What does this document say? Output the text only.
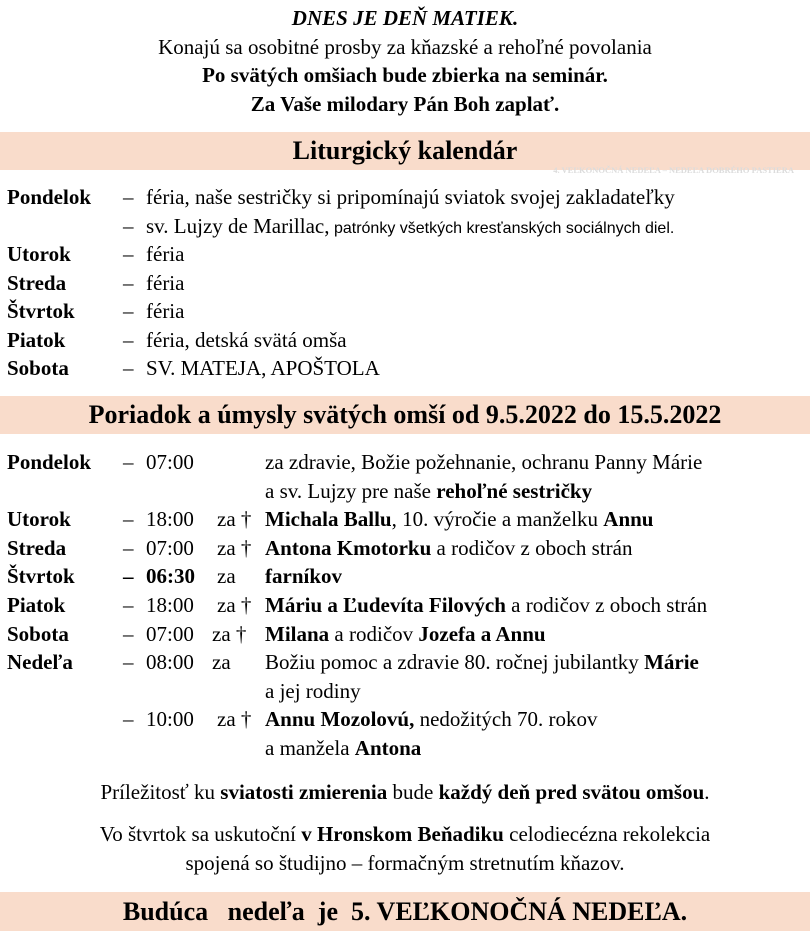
DNES JE DEŇ MATIEK.
Konajú sa osobitné prosby za kňazské a rehoľné povolania
Po svätých omšiach bude zbierka na seminár.
Za Vaše milodary Pán Boh zaplať.
Liturgický kalendár
4. VEĽKONOČNÁ NEDEĽA – NEDEĽA DOBRÉHO PASTIERA
Pondelok – féria, naše sestričky si pripomínajú sviatok svojej zakladateľky
– sv. Lujzy de Marillac, patrónky všetkých kresťanských sociálnych diel.
Utorok – féria
Streda	– féria
Štvrtok – féria
Piatok	– féria, detská svätá omša
Sobota	– SV. MATEJA, APOŠTOLA
Poriadok a úmysly svätých omší od 9.5.2022 do 15.5.2022
Pondelok – 07:00	za zdravie, Božie požehnanie, ochranu Panny Márie
a sv. Lujzy pre naše rehoľné sestričky
Utorok – 18:00 za † Michala Ballu, 10. výročie a manželku Annu
Streda	– 07:00 za † Antona Kmotorku a rodičov z oboch strán
Štvrtok – 06:30 za farníkov
Piatok	– 18:00 za † Máriu a Ľudevíta Filových a rodičov z oboch strán
Sobota	– 07:00 za † Milana a rodičov Jozefa a Annu
Nedeľa – 08:00 za Božiu pomoc a zdravie 80. ročnej jubilantky Márie
a jej rodiny
– 10:00 za † Annu Mozolovú, nedožitých 70. rokov
a manžela Antona
Príležitosť ku sviatosti zmierenia bude každý deň pred svätou omšou.
Vo štvrtok sa uskutoční v Hronskom Beňadiku celodiecézna rekolekcia
spojená so študijno – formačným stretnutím kňazov.
Budúca   nedeľa  je  5. VEĽKONOČNÁ NEDEĽA.
